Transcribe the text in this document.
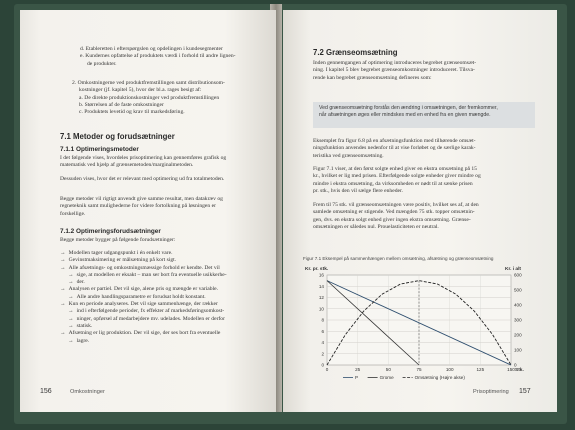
d. Etableretten i efterspørgslen og opdelingen i kundesegmenter
e. Kundernes opfattelse af produktets værdi i forhold til andre lignen-
de produkter.
2. Omkostningerne ved produktfremstillingen samt distributionsom-
kostninger (jf. kapitel 5), hvor der bl.a. rages besigt af:
a. De direkte produktionskostninger ved produktfremstillingen
b. Størrelsen af de faste omkostninger
c. Produktets levetid og krav til markedsføring.
7.1 Metoder og forudsætninger
7.1.1 Optimeringsmetoder
I det følgende vises, hvordeles prisoptimering kan gennemføres grafisk og
matematisk ved hjælp af grænsemetoden/marginalmetoden.
Dessuden vises, hvor det er relevant med optimering ud fra totalmetoden.
Begge metoder vil rigtigt anvendt give samme resultat, men datakræv og
regneteknik samt mulighederne for videre fortolkning på løsningen er
forskellige.
7.1.2 Optimeringsforudsætninger
Begge metoder bygger på følgende forudsætninger:
→ Modellen tager udgangspunkt i én enkelt vare.
→ Gevinstmaksimering er målsætning på kort sigt.
→ Alle afsætnings- og omkostningsmæssige forhold er kendte. Det vil
→ sige, at modellen er eksakt – man ser bort fra eventuelle usikkerhe-
→ der.
→ Analysen er partiel. Det vil sige, alene pris og mængde er variable.
→ Alle andre handlingsparametre er forudsat holdt konstant.
→ Kun en periode analyseres. Det vil sige sammenhænge, der rækker
→ ind i efterfølgende perioder, fx effekter af markedsføringsomkost-
→ ninger, opførsel af medarbejdere mv. udelades. Modellen er derfor
→ statisk.
→ Afsætning er lig produktion. Der vil sige, der ses bort fra eventuelle
→ lagre.
156	Omkostninger
7.2 Grænseomsætning
Inden gennemgangen af optimering introduceres begrebet grænseomsæt-
ning. I kapitel 5 blev begrebet grænseomkostninger introduceret. Tilsva-
rende kan begrebet grænseomsætning defineres som:
Ved grænseomsætning forstås den ændring i omsætningen, der fremkommer,
når afsætningen øges eller mindskes med en enhed fra en given mængde.
Eksemplet fra figur 6.8 på en afsætningsfunktion med tilhørende omsæt-
ningsfunktion anvendes nedenfor til at vise forløbet og de særlige karak-
teristika ved grænseomsætning.
Figur 7.1 viser, at den først solgte enhed giver en ekstra omsætning på 15
kr., hvilket er lig med prisen. Efterfølgende solgte enheder giver mindre og
mindre i ekstra omsætning, da virksomheden er nødt til at sænke prisen
pr. stk., hvis den vil sælge flere enheder.
Frem til 75 stk. vil grænseomsætningen være positiv, hvilket ses af, at den
samlede omsætning er stigende. Ved mængden 75 stk. topper omsætnin-
gen, dvs. en ekstra solgt enhed giver ingen ekstra omsætning. Grænse-
omsætningen er således nul. Prouelasticiteten er neutral.
Figur 7.1 Eksempel på sammenhængen mellem omsætning, afsætning og grænseomsætning
0
2
4
6
8
10
12
14
16
0
100
200
300
400
500
600
0	25	50	75	100	125	150
Kr. pr. stk.	Kr. i alt
Stk.
P	Grome	Omsætning (Højre akse)
Prisoptimering 157
